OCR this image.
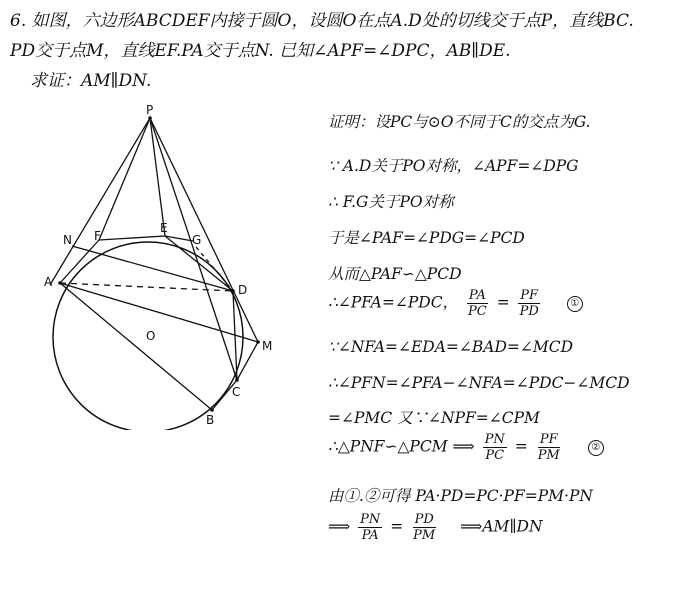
6. 如图，六边形ABCDEF内接于圆O，设圆O在点A.D处的切线交于点P，直线BC.
PD交于点M，直线EF.PA交于点N. 已知∠APF=∠DPC，AB∥DE.
求证：AM∥DN.
P
N F
E
G
A
D
O
M
C
B
证明：设PC与⊙O不同于C的交点为G.
∵ A.D关于PO对称，∠APF=∠DPG
∴ F.G关于PO对称
于是∠PAF=∠PDG=∠PCD
从而△PAF∽△PCD
∴∠PFA=∠PDC， $\frac{PA}{PC} = \frac{PF}{PD}$	①
∵∠NFA=∠EDA=∠BAD=∠MCD
∴∠PFN=∠PFA−∠NFA=∠PDC−∠MCD
=∠PMC 又∵∠NPF=∠CPM
∴△PNF∽△PCM ⟹ $\frac{PN}{PC} = \frac{PF}{PM}$	②
由①.②可得 PA·PD=PC·PF=PM·PN
⟹ $\frac{PN}{PA} = \frac{PD}{PM}$ ⟹AM∥DN
